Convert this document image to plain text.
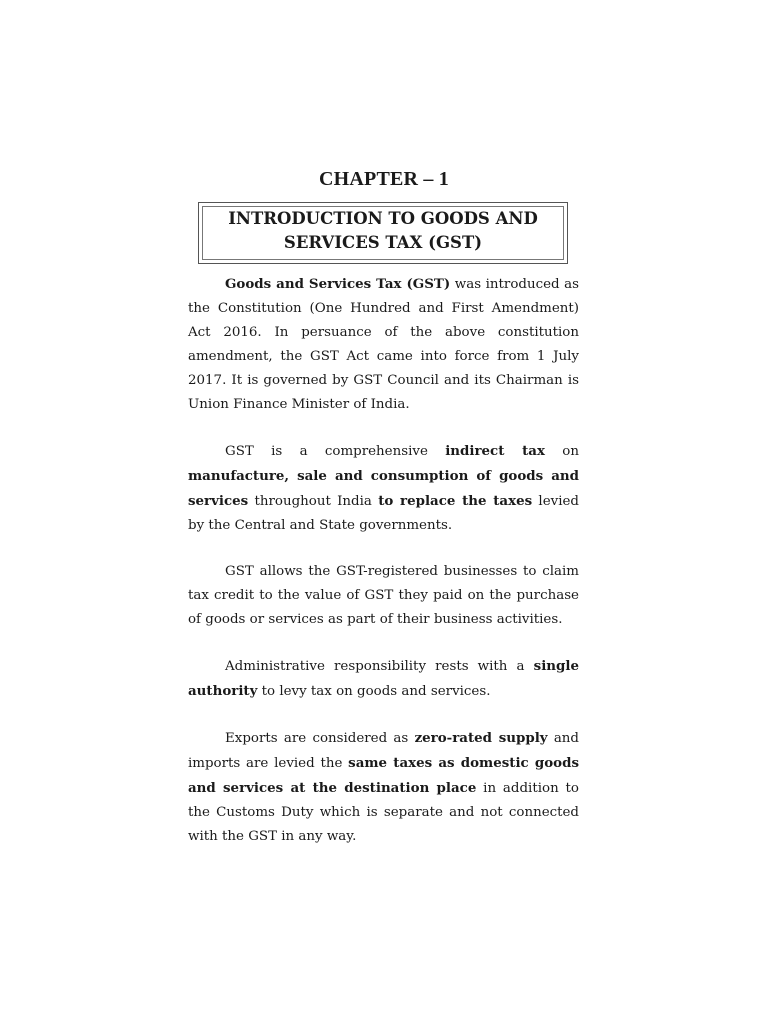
CHAPTER – 1
INTRODUCTION TO GOODS AND
SERVICES TAX (GST)

Goods and Services Tax (GST) was introduced as the Constitution (One Hundred and First Amendment) Act 2016. In persuance of the above constitution amendment, the GST Act came into force from 1 July 2017. It is governed by GST Council and its Chairman is Union Finance Minister of India.

GST is a comprehensive indirect tax on manufacture, sale and consumption of goods and services throughout India to replace the taxes levied by the Central and State governments.

GST allows the GST-registered businesses to claim tax credit to the value of GST they paid on the purchase of goods or services as part of their business activities.

Administrative responsibility rests with a single authority to levy tax on goods and services.

Exports are considered as zero-rated supply and imports are levied the same taxes as domestic goods and services at the destination place in addition to the Customs Duty which is separate and not connected with the GST in any way.
